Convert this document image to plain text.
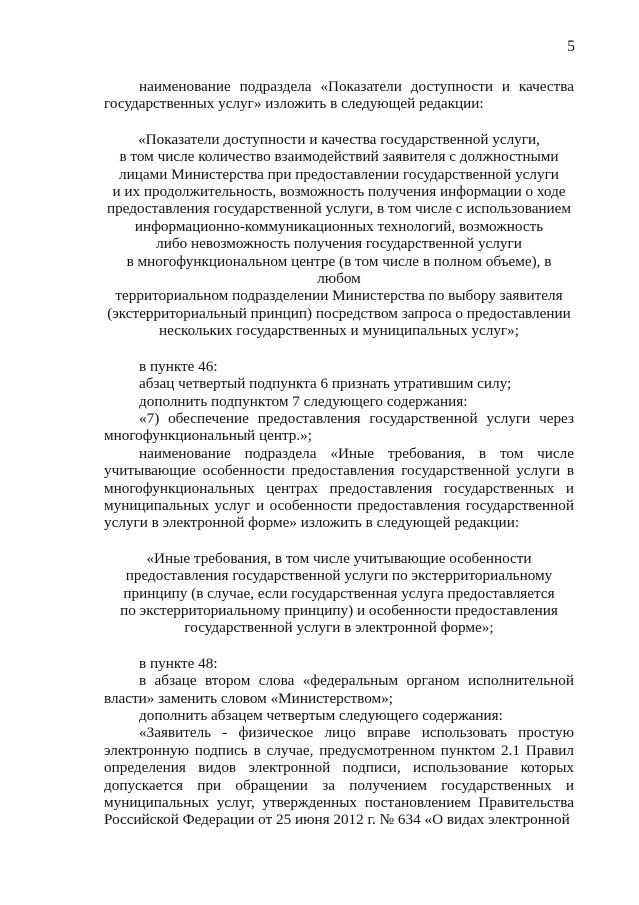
5

наименование подраздела «Показатели доступности и качества государственных услуг» изложить в следующей редакции:

«Показатели доступности и качества государственной услуги,
в том числе количество взаимодействий заявителя с должностными
лицами Министерства при предоставлении государственной услуги
и их продолжительность, возможность получения информации о ходе
предоставления государственной услуги, в том числе с использованием
информационно-коммуникационных технологий, возможность
либо невозможность получения государственной услуги
в многофункциональном центре (в том числе в полном объеме), в любом
территориальном подразделении Министерства по выбору заявителя
(экстерриториальный принцип) посредством запроса о предоставлении
нескольких государственных и муниципальных услуг»;

в пункте 46:

абзац четвертый подпункта 6 признать утратившим силу;

дополнить подпунктом 7 следующего содержания:

«7) обеспечение предоставления государственной услуги через многофункциональный центр.»;

наименование подраздела «Иные требования, в том числе учитывающие особенности предоставления государственной услуги в многофункциональных центрах предоставления государственных и муниципальных услуг и особенности предоставления государственной услуги в электронной форме» изложить в следующей редакции:

«Иные требования, в том числе учитывающие особенности
предоставления государственной услуги по экстерриториальному
принципу (в случае, если государственная услуга предоставляется
по экстерриториальному принципу) и особенности предоставления
государственной услуги в электронной форме»;

в пункте 48:

в абзаце втором слова «федеральным органом исполнительной власти» заменить словом «Министерством»;

дополнить абзацем четвертым следующего содержания:

«Заявитель - физическое лицо вправе использовать простую электронную подпись в случае, предусмотренном пунктом 2.1 Правил определения видов электронной подписи, использование которых допускается при обращении за получением государственных и муниципальных услуг, утвержденных постановлением Правительства Российской Федерации от 25 июня 2012 г. № 634 «О видах электронной
